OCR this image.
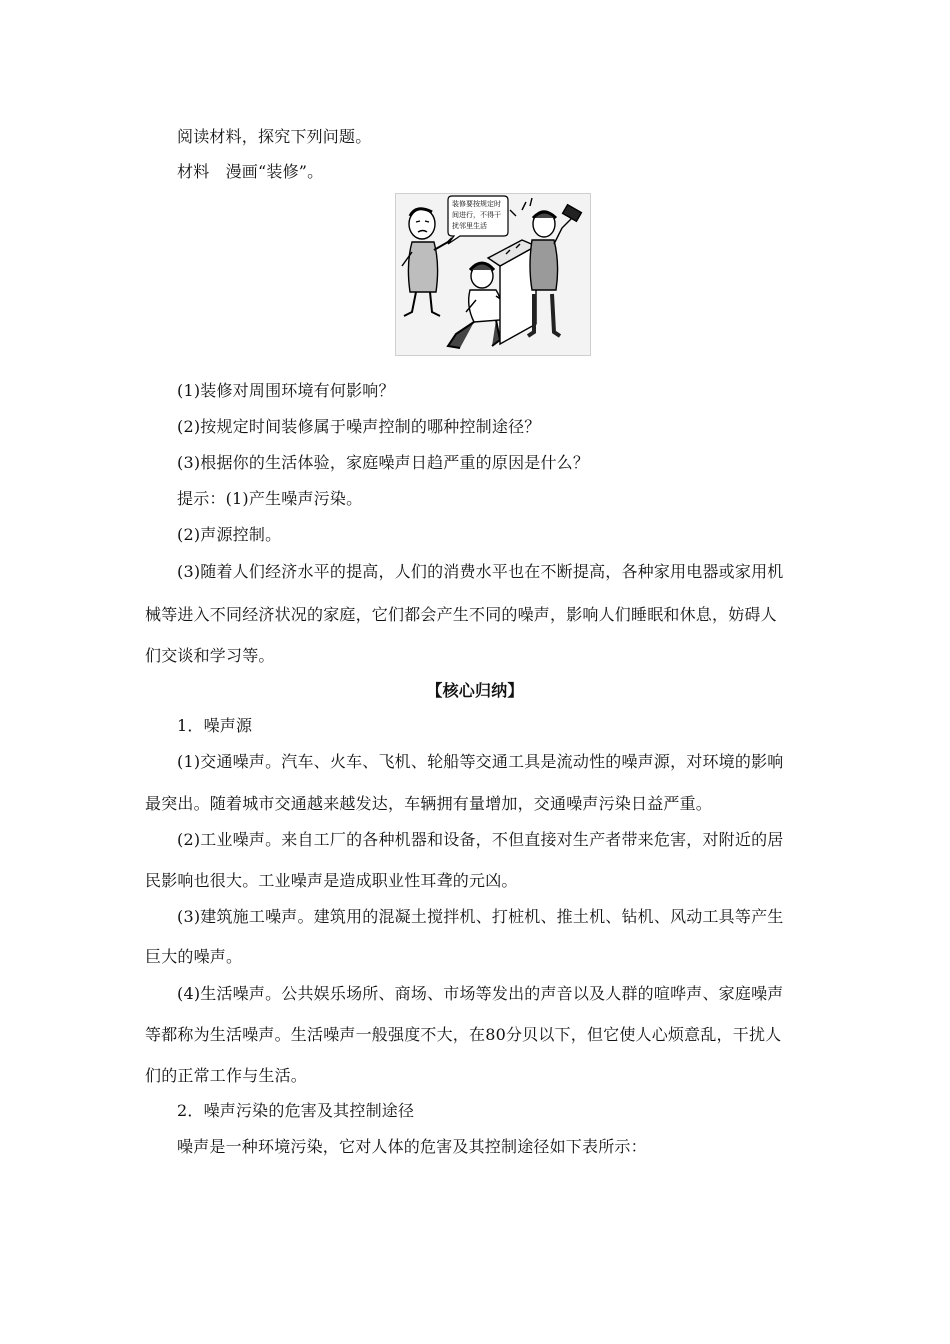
阅读材料，探究下列问题。
材料　漫画“装修”。
装修要按规定时
间进行，不得干
扰邻里生活
(1)装修对周围环境有何影响？
(2)按规定时间装修属于噪声控制的哪种控制途径？
(3)根据你的生活体验，家庭噪声日趋严重的原因是什么？
提示：(1)产生噪声污染。
(2)声源控制。
(3)随着人们经济水平的提高，人们的消费水平也在不断提高，各种家用电器或家用机
械等进入不同经济状况的家庭，它们都会产生不同的噪声，影响人们睡眠和休息，妨碍人
们交谈和学习等。
【核心归纳】
1．噪声源
(1)交通噪声。汽车、火车、飞机、轮船等交通工具是流动性的噪声源，对环境的影响
最突出。随着城市交通越来越发达，车辆拥有量增加，交通噪声污染日益严重。
(2)工业噪声。来自工厂的各种机器和设备，不但直接对生产者带来危害，对附近的居
民影响也很大。工业噪声是造成职业性耳聋的元凶。
(3)建筑施工噪声。建筑用的混凝土搅拌机、打桩机、推土机、钻机、风动工具等产生
巨大的噪声。
(4)生活噪声。公共娱乐场所、商场、市场等发出的声音以及人群的喧哗声、家庭噪声
等都称为生活噪声。生活噪声一般强度不大，在80分贝以下，但它使人心烦意乱，干扰人
们的正常工作与生活。
2．噪声污染的危害及其控制途径
噪声是一种环境污染，它对人体的危害及其控制途径如下表所示：
